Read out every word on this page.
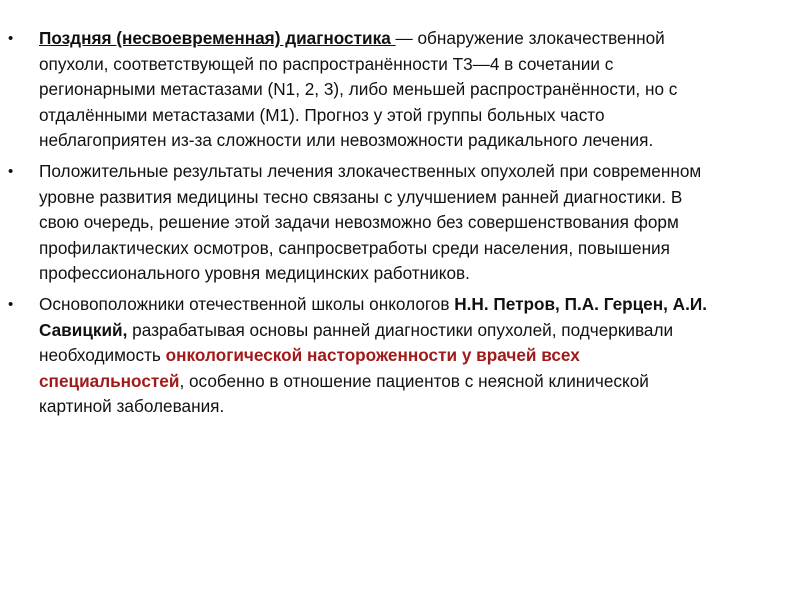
•	Поздняя (несвоевременная) диагностика — обнаружение злокачественной опухоли, соответствующей по распространённости Т3—4 в сочетании с регионарными метастазами (N1, 2, 3), либо меньшей распространённости, но с отдалёнными метастазами (М1). Прогноз у этой группы больных часто неблагоприятен из-за сложности или невозможности радикального лечения.
•	Положительные результаты лечения злокачественных опухолей при современном уровне развития медицины тесно связаны с улучшением ранней диагностики. В свою очередь, решение этой задачи невозможно без совершенствования форм профилактических осмотров, санпросветработы среди населения, повышения профессионального уровня медицинских работников.
•	Основоположники отечественной школы онкологов Н.Н. Петров, П.А. Герцен, А.И. Савицкий, разрабатывая основы ранней диагностики опухолей, подчеркивали необходимость онкологической настороженности у врачей всех специальностей, особенно в отношение пациентов с неясной клинической картиной заболевания.
